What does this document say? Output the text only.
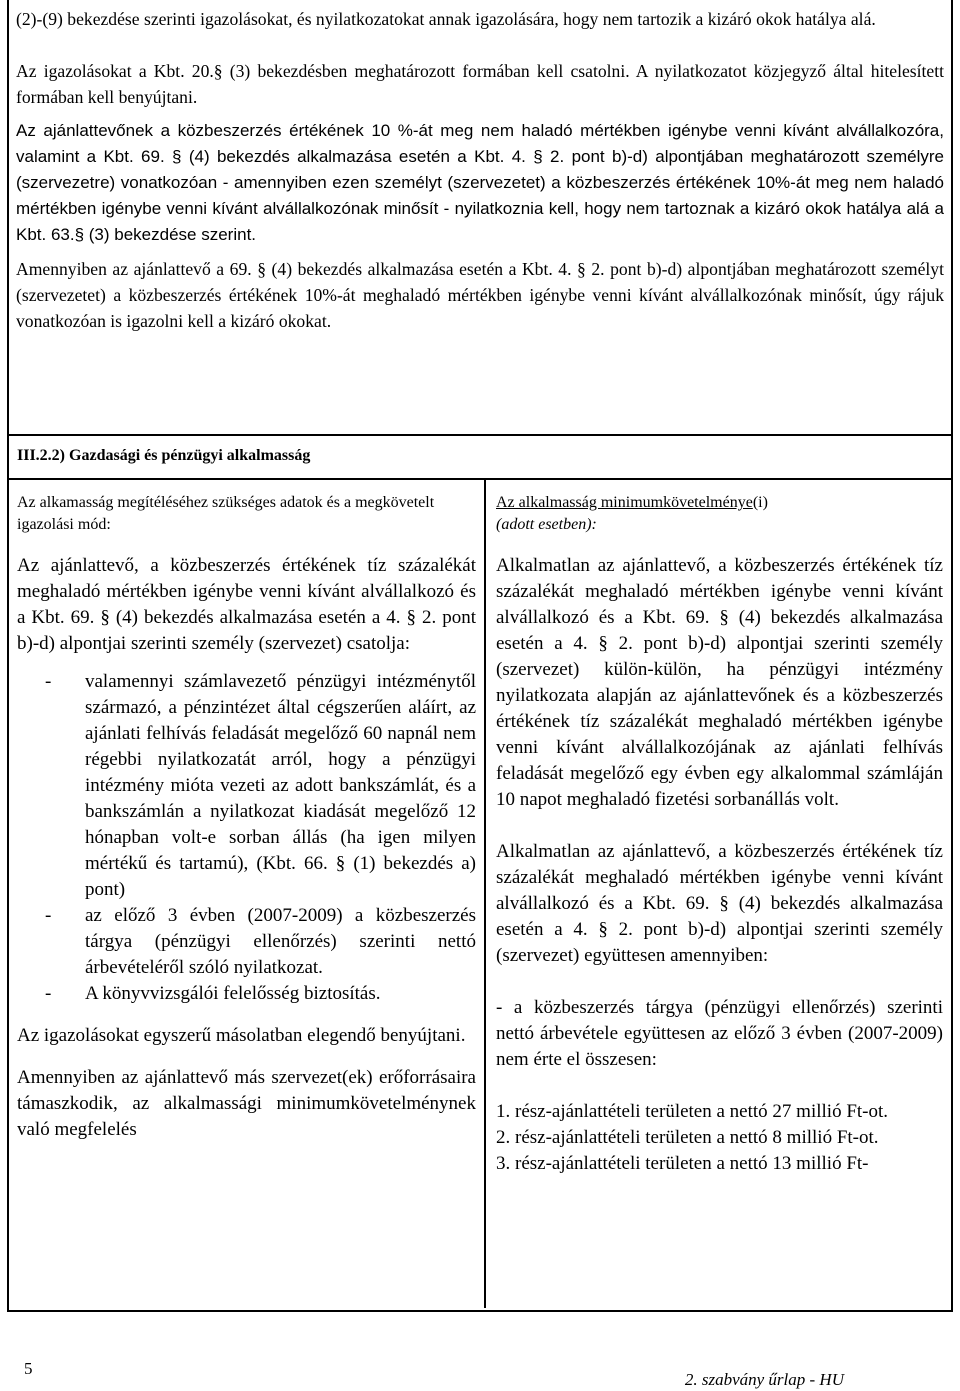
(2)-(9) bekezdése szerinti igazolásokat, és nyilatkozatokat annak igazolására, hogy nem tartozik a kizáró okok hatálya alá.

Az igazolásokat a Kbt. 20.§ (3) bekezdésben meghatározott formában kell csatolni. A nyilatkozatot közjegyző által hitelesített formában kell benyújtani.

Az ajánlattevőnek a közbeszerzés értékének 10 %-át meg nem haladó mértékben igénybe venni kívánt alvállalkozóra, valamint a Kbt. 69. § (4) bekezdés alkalmazása esetén a Kbt. 4. § 2. pont b)-d) alpontjában meghatározott személyre (szervezetre) vonatkozóan - amennyiben ezen személyt (szervezetet) a közbeszerzés értékének 10%-át meg nem haladó mértékben igénybe venni kívánt alvállalkozónak minősít - nyilatkoznia kell, hogy nem tartoznak a kizáró okok hatálya alá a Kbt. 63.§ (3) bekezdése szerint.

Amennyiben az ajánlattevő a 69. § (4) bekezdés alkalmazása esetén a Kbt. 4. § 2. pont b)-d) alpontjában meghatározott személyt (szervezetet) a közbeszerzés értékének 10%-át meghaladó mértékben igénybe venni kívánt alvállalkozónak minősít, úgy rájuk vonatkozóan is igazolni kell a kizáró okokat.

III.2.2) Gazdasági és pénzügyi alkalmasság
Az alkamasság megítéléséhez szükséges adatok és a megkövetelt igazolási mód:

Az ajánlattevő, a közbeszerzés értékének tíz százalékát meghaladó mértékben igénybe venni kívánt alvállalkozó és a Kbt. 69. § (4) bekezdés alkalmazása esetén a 4. § 2. pont b)-d) alpontjai szerinti személy (szervezet) csatolja:

- valamennyi számlavezető pénzügyi intézménytől származó, a pénzintézet által cégszerűen aláírt, az ajánlati felhívás feladását megelőző 60 napnál nem régebbi nyilatkozatát arról, hogy a pénzügyi intézmény mióta vezeti az adott bankszámlát, és a bankszámlán a nyilatkozat kiadását megelőző 12 hónapban volt-e sorban állás (ha igen milyen mértékű és tartamú), (Kbt. 66. § (1) bekezdés a) pont)
- az előző 3 évben (2007-2009) a közbeszerzés tárgya (pénzügyi ellenőrzés) szerinti nettó árbevételéről szóló nyilatkozat.
- A könyvvizsgálói felelősség biztosítás.

Az igazolásokat egyszerű másolatban elegendő benyújtani.

Amennyiben az ajánlattevő más szervezet(ek) erőforrásaira támaszkodik, az alkalmassági minimumkövetelménynek való megfelelés

Az alkalmasság minimumkövetelménye(i)
(adott esetben):

Alkalmatlan az ajánlattevő, a közbeszerzés értékének tíz százalékát meghaladó mértékben igénybe venni kívánt alvállalkozó és a Kbt. 69. § (4) bekezdés alkalmazása esetén a 4. § 2. pont b)-d) alpontjai szerinti személy (szervezet) külön-külön, ha pénzügyi intézmény nyilatkozata alapján az ajánlattevőnek és a közbeszerzés értékének tíz százalékát meghaladó mértékben igénybe venni kívánt alvállalkozójának az ajánlati felhívás feladását megelőző egy évben egy alkalommal számláján 10 napot meghaladó fizetési sorbanállás volt.

Alkalmatlan az ajánlattevő, a közbeszerzés értékének tíz százalékát meghaladó mértékben igénybe venni kívánt alvállalkozó és a Kbt. 69. § (4) bekezdés alkalmazása esetén a 4. § 2. pont b)-d) alpontjai szerinti személy (szervezet) együttesen amennyiben:

- a közbeszerzés tárgya (pénzügyi ellenőrzés) szerinti nettó árbevétele együttesen az előző 3 évben (2007-2009) nem érte el összesen:

1. rész-ajánlattételi területen a nettó 27 millió Ft-ot.

2. rész-ajánlattételi területen a nettó 8 millió Ft-ot.

3. rész-ajánlattételi területen a nettó 13 millió Ft-

5
2. szabvány űrlap - HU
